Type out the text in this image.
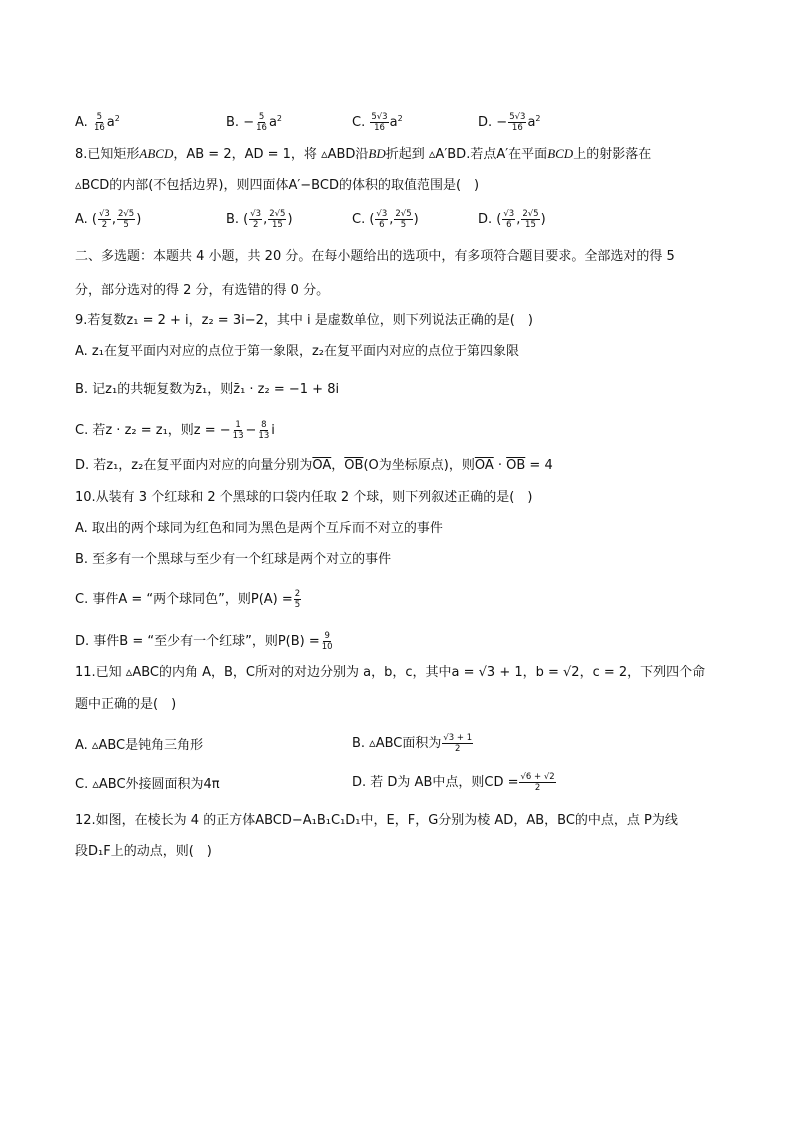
A. $\frac{5}{16} a^2$	B. − $\frac{5}{16} a^2$	C. $\frac{5√3}{16} a^2$	D. − $\frac{5√3}{16} a^2$
8.已知矩形ABCD，AB = 2，AD = 1，将 ▵ABD沿BD折起到 ▵A′BD.若点A′在平面BCD上的射影落在
▵BCD的内部(不包括边界)，则四面体A′−BCD的体积的取值范围是(　)
A. ( $\frac{√3}{2}$ , $\frac{2√5}{5}$ )	B. ( $\frac{√3}{2}$ , $\frac{2√5}{15}$ )	C. ( $\frac{√3}{6}$ , $\frac{2√5}{5}$ )	D. ( $\frac{√3}{6}$ , $\frac{2√5}{15}$ )
二、多选题：本题共 4 小题，共 20 分。在每小题给出的选项中，有多项符合题目要求。全部选对的得 5
分，部分选对的得 2 分，有选错的得 0 分。
9.若复数z₁ = 2 + i，z₂ = 3i−2，其中 i 是虚数单位，则下列说法正确的是(　)
A. z₁在复平面内对应的点位于第一象限，z₂在复平面内对应的点位于第四象限
B. 记z₁的共轭复数为z̄₁，则z̄₁ · z₂ = −1 + 8i
C. 若z · z₂ = z₁，则z = − $\frac{1}{13} - \frac{8}{13}$ i
D. 若z₁，z₂在复平面内对应的向量分别为$\overline{OA}$，$\overline{OB}(O$为坐标原点)，则$\overline{OA} \cdot \overline{OB} = 4$
10.从装有 3 个红球和 2 个黑球的口袋内任取 2 个球，则下列叙述正确的是(　)
A. 取出的两个球同为红色和同为黑色是两个互斥而不对立的事件
B. 至多有一个黑球与至少有一个红球是两个对立的事件
C. 事件A = “两个球同色”，则$P(A) = \frac{2}{5}$
D. 事件B = “至少有一个红球”，则$P(B) = \frac{9}{10}$
11.已知 ▵ABC的内角 A，B，C所对的对边分别为 a，b，c，其中a = √3 + 1，b = √2，c = 2，下列四个命
题中正确的是(　)
A. ▵ABC是钝角三角形	B. ▵ABC面积为 $\frac{√3 + 1}{2}$
C. ▵ABC外接圆面积为4π	D. 若 D为 AB中点，则CD = $\frac{√6 + √2}{2}$
12.如图，在棱长为 4 的正方体ABCD−A₁B₁C₁D₁中，E，F，G分别为棱 AD，AB，BC的中点，点 P为线
段D₁F上的动点，则(　)
